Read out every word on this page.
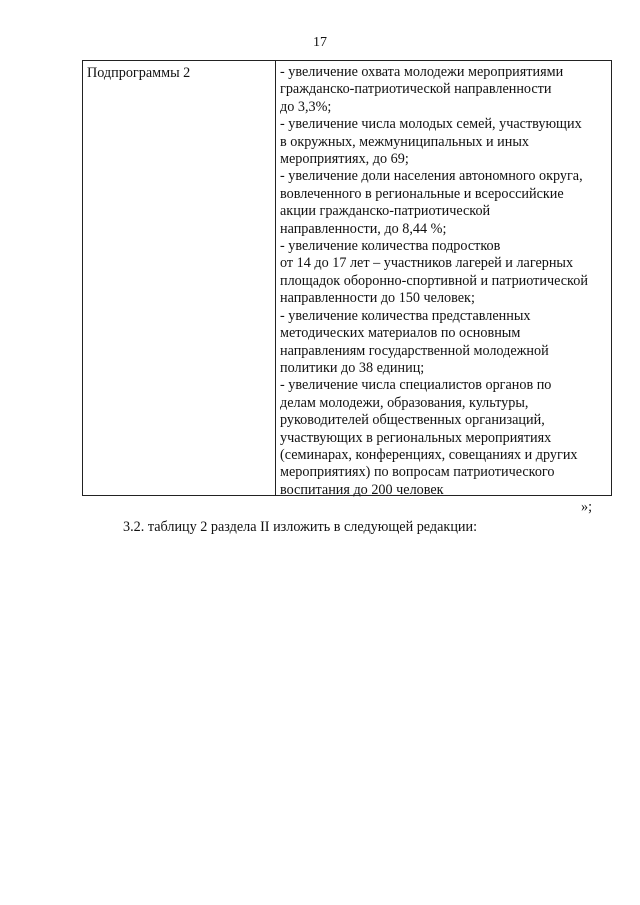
17
Подпрограммы 2	- увеличение охвата молодежи мероприятиями
гражданско-патриотической направленности
до 3,3%;
- увеличение числа молодых семей, участвующих
в окружных, межмуниципальных и иных
мероприятиях, до 69;
- увеличение доли населения автономного округа,
вовлеченного в региональные и всероссийские
акции гражданско-патриотической
направленности, до 8,44 %;
- увеличение количества подростков
от 14 до 17 лет – участников лагерей и лагерных
площадок оборонно-спортивной и патриотической
направленности до 150 человек;
- увеличение количества представленных
методических материалов по основным
направлениям государственной молодежной
политики до 38 единиц;
- увеличение числа специалистов органов по
делам молодежи, образования, культуры,
руководителей общественных организаций,
участвующих в региональных мероприятиях
(семинарах, конференциях, совещаниях и других
мероприятиях) по вопросам патриотического
воспитания до 200 человек
»;
3.2. таблицу 2 раздела II изложить в следующей редакции:
